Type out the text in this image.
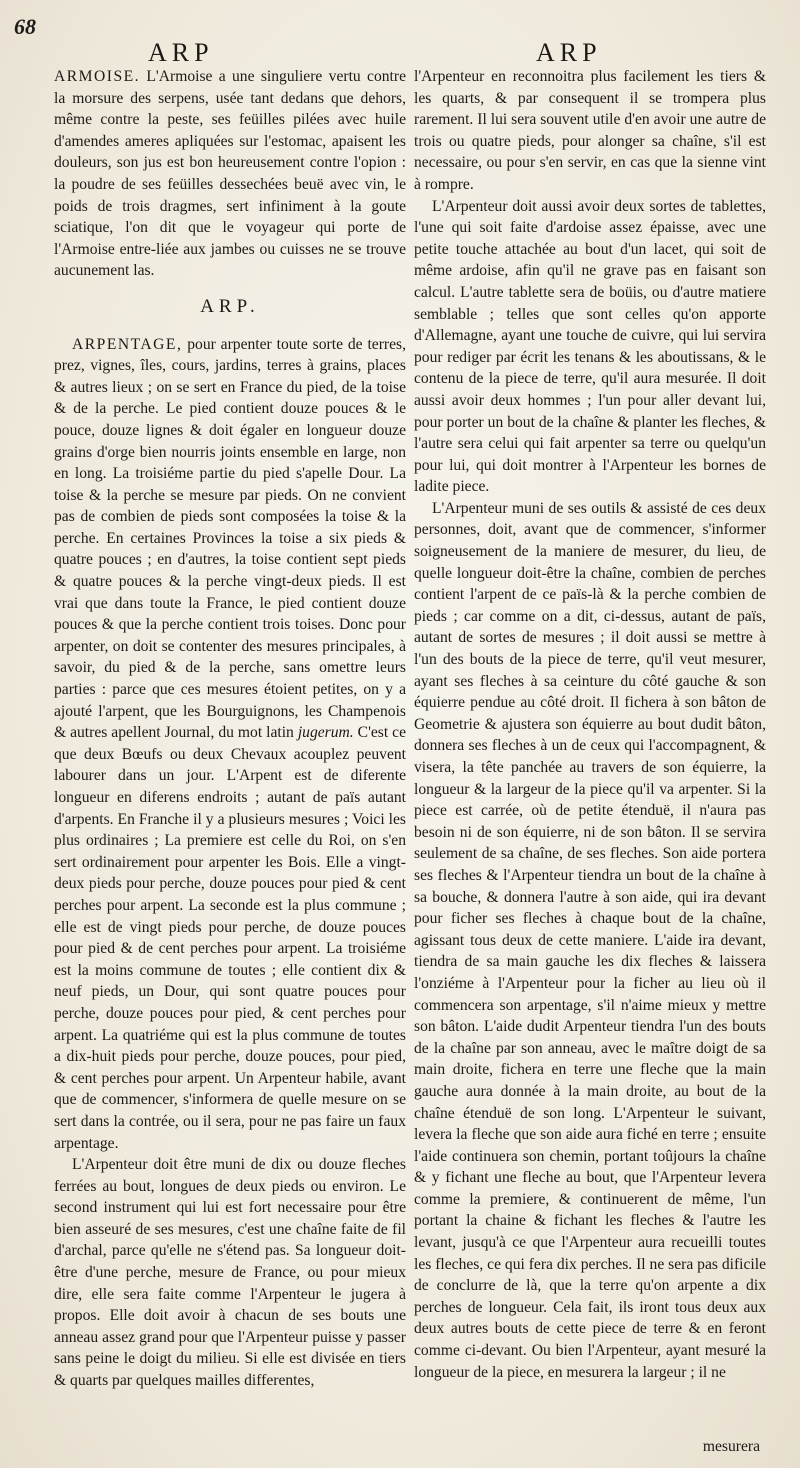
68
ARP	ARP

ARMOISE. L'Armoise a une singuliere vertu contre la morsure des serpens, usée tant dedans que dehors, même contre la peste, ses feüilles pilées avec huile d'amendes ameres apliquées sur l'estomac, apaisent les douleurs, son jus est bon heureusement contre l'opion : la poudre de ses feüilles dessechées beuë avec vin, le poids de trois dragmes, sert infiniment à la goute sciatique, l'on dit que le voyageur qui porte de l'Armoise entre-liée aux jambes ou cuisses ne se trouve aucunement las.

ARP.

ARPENTAGE, pour arpenter toute sorte de terres, prez, vignes, îles, cours, jardins, terres à grains, places & autres lieux ; on se sert en France du pied, de la toise & de la perche. Le pied contient douze pouces & le pouce, douze lignes & doit égaler en longueur douze grains d'orge bien nourris joints ensemble en large, non en long. La troisiéme partie du pied s'apelle Dour. La toise & la perche se mesure par pieds. On ne convient pas de combien de pieds sont composées la toise & la perche. En certaines Provinces la toise a six pieds & quatre pouces ; en d'autres, la toise contient sept pieds & quatre pouces & la perche vingt-deux pieds. Il est vrai que dans toute la France, le pied contient douze pouces & que la perche contient trois toises. Donc pour arpenter, on doit se contenter des mesures principales, à savoir, du pied & de la perche, sans omettre leurs parties : parce que ces mesures étoient petites, on y a ajouté l'arpent, que les Bourguignons, les Champenois & autres apellent Journal, du mot latin jugerum. C'est ce que deux Bœufs ou deux Chevaux acouplez peuvent labourer dans un jour. L'Arpent est de diferente longueur en diferens endroits ; autant de païs autant d'arpents. En Franche il y a plusieurs mesures ; Voici les plus ordinaires ; La premiere est celle du Roi, on s'en sert ordinairement pour arpenter les Bois. Elle a vingt-deux pieds pour perche, douze pouces pour pied & cent perches pour arpent. La seconde est la plus commune ; elle est de vingt pieds pour perche, de douze pouces pour pied & de cent perches pour arpent. La troisiéme est la moins commune de toutes ; elle contient dix & neuf pieds, un Dour, qui sont quatre pouces pour perche, douze pouces pour pied, & cent perches pour arpent. La quatriéme qui est la plus commune de toutes a dix-huit pieds pour perche, douze pouces, pour pied, & cent perches pour arpent. Un Arpenteur habile, avant que de commencer, s'informera de quelle mesure on se sert dans la contrée, ou il sera, pour ne pas faire un faux arpentage.

L'Arpenteur doit être muni de dix ou douze fleches ferrées au bout, longues de deux pieds ou environ. Le second instrument qui lui est fort necessaire pour être bien asseuré de ses mesures, c'est une chaîne faite de fil d'archal, parce qu'elle ne s'étend pas. Sa longueur doit-être d'une perche, mesure de France, ou pour mieux dire, elle sera faite comme l'Arpenteur le jugera à propos. Elle doit avoir à chacun de ses bouts une anneau assez grand pour que l'Arpenteur puisse y passer sans peine le doigt du milieu. Si elle est divisée en tiers & quarts par quelques mailles differentes,

l'Arpenteur en reconnoitra plus facilement les tiers & les quarts, & par consequent il se trompera plus rarement. Il lui sera souvent utile d'en avoir une autre de trois ou quatre pieds, pour alonger sa chaîne, s'il est necessaire, ou pour s'en servir, en cas que la sienne vint à rompre.

L'Arpenteur doit aussi avoir deux sortes de tablettes, l'une qui soit faite d'ardoise assez épaisse, avec une petite touche attachée au bout d'un lacet, qui soit de même ardoise, afin qu'il ne grave pas en faisant son calcul. L'autre tablette sera de boüis, ou d'autre matiere semblable ; telles que sont celles qu'on apporte d'Allemagne, ayant une touche de cuivre, qui lui servira pour rediger par écrit les tenans & les aboutissans, & le contenu de la piece de terre, qu'il aura mesurée. Il doit aussi avoir deux hommes ; l'un pour aller devant lui, pour porter un bout de la chaîne & planter les fleches, & l'autre sera celui qui fait arpenter sa terre ou quelqu'un pour lui, qui doit montrer à l'Arpenteur les bornes de ladite piece.

L'Arpenteur muni de ses outils & assisté de ces deux personnes, doit, avant que de commencer, s'informer soigneusement de la maniere de mesurer, du lieu, de quelle longueur doit-être la chaîne, combien de perches contient l'arpent de ce païs-là & la perche combien de pieds ; car comme on a dit, ci-dessus, autant de païs, autant de sortes de mesures ; il doit aussi se mettre à l'un des bouts de la piece de terre, qu'il veut mesurer, ayant ses fleches à sa ceinture du côté gauche & son équierre pendue au côté droit. Il fichera à son bâton de Geometrie & ajustera son équierre au bout dudit bâton, donnera ses fleches à un de ceux qui l'accompagnent, & visera, la tête panchée au travers de son équierre, la longueur & la largeur de la piece qu'il va arpenter. Si la piece est carrée, où de petite étenduë, il n'aura pas besoin ni de son équierre, ni de son bâton. Il se servira seulement de sa chaîne, de ses fleches. Son aide portera ses fleches & l'Arpenteur tiendra un bout de la chaîne à sa bouche, & donnera l'autre à son aide, qui ira devant pour ficher ses fleches à chaque bout de la chaîne, agissant tous deux de cette maniere. L'aide ira devant, tiendra de sa main gauche les dix fleches & laissera l'onziéme à l'Arpenteur pour la ficher au lieu où il commencera son arpentage, s'il n'aime mieux y mettre son bâton. L'aide dudit Arpenteur tiendra l'un des bouts de la chaîne par son anneau, avec le maître doigt de sa main droite, fichera en terre une fleche que la main gauche aura donnée à la main droite, au bout de la chaîne étenduë de son long. L'Arpenteur le suivant, levera la fleche que son aide aura fiché en terre ; ensuite l'aide continuera son chemin, portant toûjours la chaîne & y fichant une fleche au bout, que l'Arpenteur levera comme la premiere, & continuerent de même, l'un portant la chaine & fichant les fleches & l'autre les levant, jusqu'à ce que l'Arpenteur aura recueilli toutes les fleches, ce qui fera dix perches. Il ne sera pas dificile de conclurre de là, que la terre qu'on arpente a dix perches de longueur. Cela fait, ils iront tous deux aux deux autres bouts de cette piece de terre & en feront comme ci-devant. Ou bien l'Arpenteur, ayant mesuré la longueur de la piece, en mesurera la largeur ; il ne

mesurera
